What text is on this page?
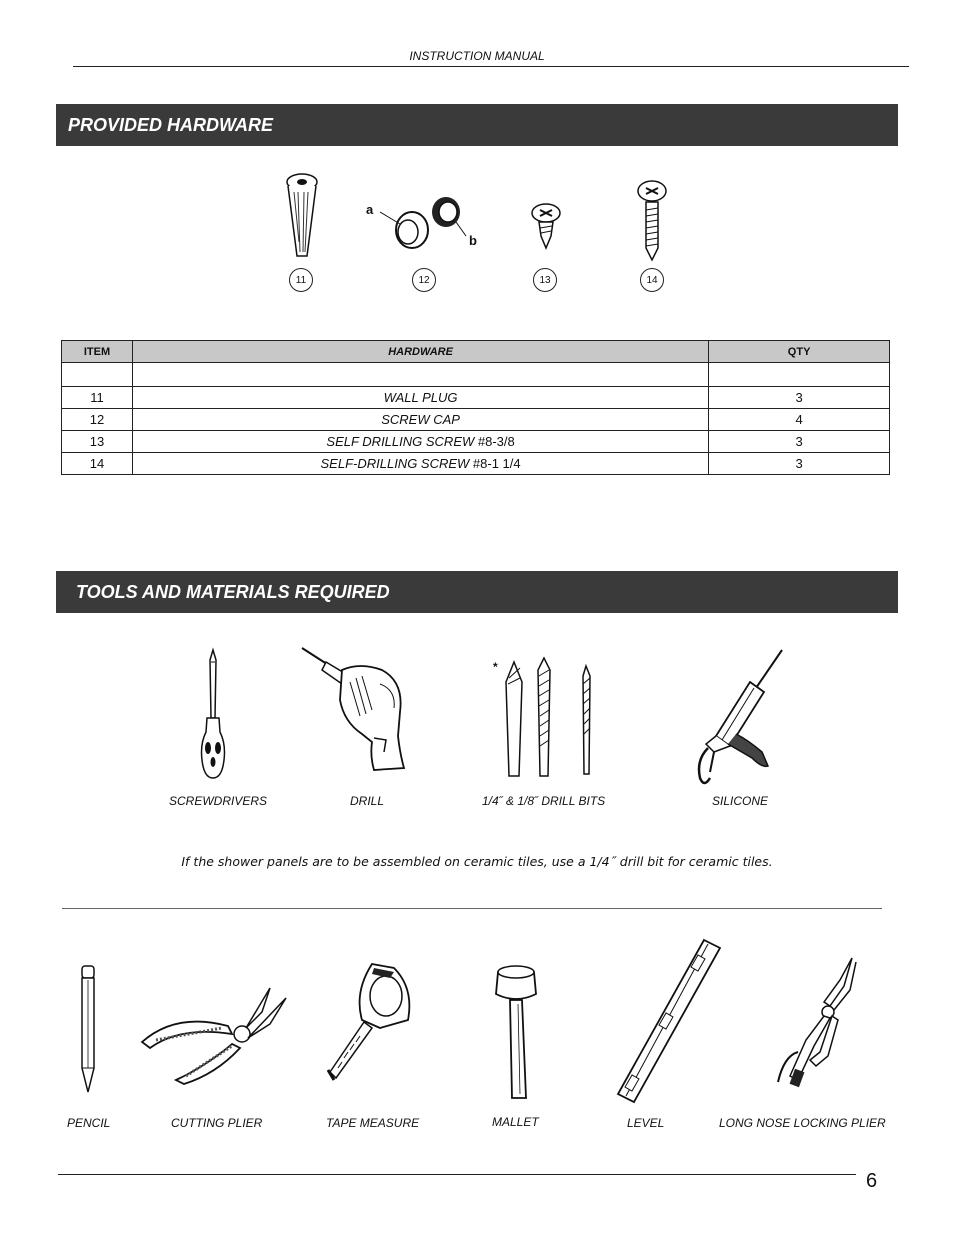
INSTRUCTION MANUAL
PROVIDED HARDWARE
a
b
11	12	13	14
ITEM	HARDWARE	QTY

11	WALL PLUG	3
12	SCREW CAP	4
13	SELF DRILLING SCREW #8-3/8	3
14	SELF-DRILLING SCREW #8-1 1/4	3
TOOLS AND MATERIALS REQUIRED
*
SCREWDRIVERS	DRILL	1/4˝ & 1/8˝ DRILL BITS	SILICONE
If the shower panels are to be assembled on ceramic tiles, use a 1/4˝ drill bit for ceramic tiles.
PENCIL	CUTTING PLIER	TAPE MEASURE	MALLET	LEVEL	LONG NOSE LOCKING PLIER
6
